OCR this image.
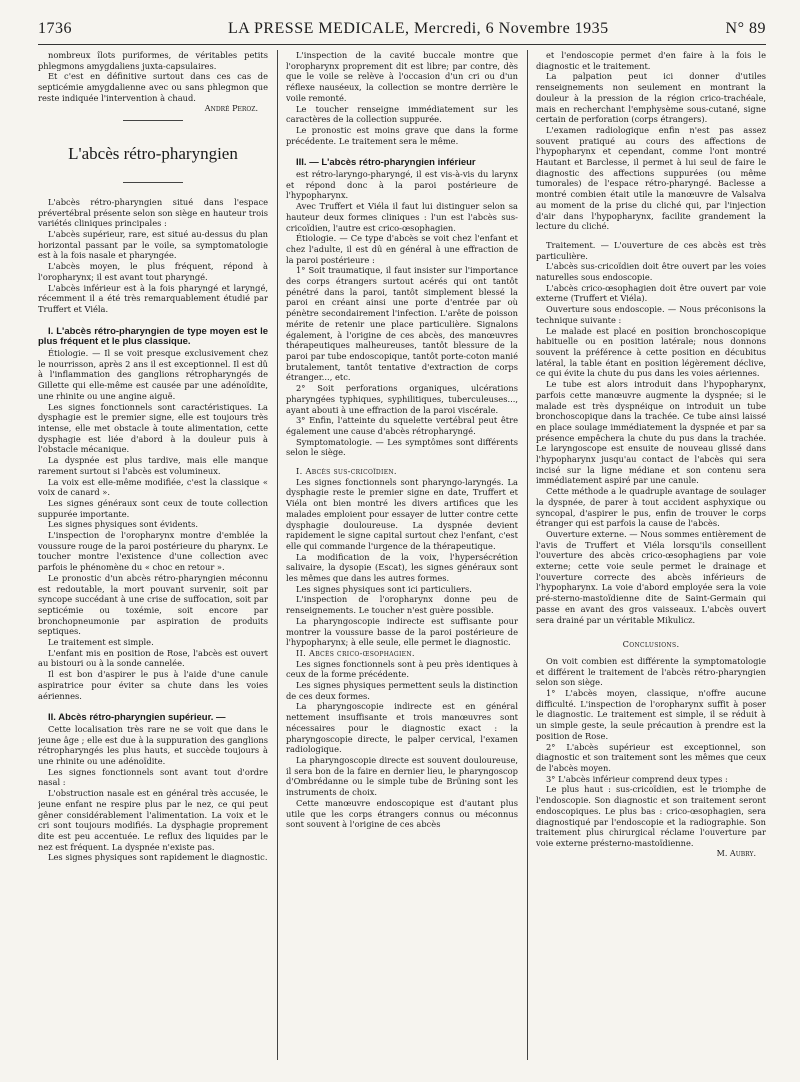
1736	LA PRESSE MEDICALE, Mercredi, 6 Novembre 1935	N° 89

nombreux îlots puriformes, de véritables petits phlegmons amygdaliens juxta-capsulaires.

Et c'est en définitive surtout dans ces cas de septicémie amygdalienne avec ou sans phlegmon que reste indiquée l'intervention à chaud.

André Peroz.

L'abcès rétro-pharyngien

L'abcès rétro-pharyngien situé dans l'espace prévertébral présente selon son siège en hauteur trois variétés cliniques principales :

L'abcès supérieur, rare, est situé au-dessus du plan horizontal passant par le voile, sa symptomatologie est à la fois nasale et pharyngée.

L'abcès moyen, le plus fréquent, répond à l'oropharynx; il est avant tout pharyngé.

L'abcès inférieur est à la fois pharyngé et laryngé, récemment il a été très remarquablement étudié par Truffert et Viéla.

I. L'abcès rétro-pharyngien de type moyen est le plus fréquent et le plus classique.

Étiologie. — Il se voit presque exclusivement chez le nourrisson, après 2 ans il est exceptionnel. Il est dû à l'inflammation des ganglions rétropharyngés de Gillette qui elle-même est causée par une adénoïdite, une rhinite ou une angine aiguë.

Les signes fonctionnels sont caractéristiques. La dysphagie est le premier signe, elle est toujours très intense, elle met obstacle à toute alimentation, cette dysphagie est liée d'abord à la douleur puis à l'obstacle mécanique.

La dyspnée est plus tardive, mais elle manque rarement surtout si l'abcès est volumineux.

La voix est elle-même modifiée, c'est la classique « voix de canard ».

Les signes généraux sont ceux de toute collection suppurée importante.

Les signes physiques sont évidents.

L'inspection de l'oropharynx montre d'emblée la voussure rouge de la paroi postérieure du pharynx. Le toucher montre l'existence d'une collection avec parfois le phénomène du « choc en retour ».

Le pronostic d'un abcès rétro-pharyngien méconnu est redoutable, la mort pouvant survenir, soit par syncope succédant à une crise de suffocation, soit par septicémie ou toxémie, soit encore par bronchopneumonie par aspiration de produits septiques.

Le traitement est simple.

L'enfant mis en position de Rose, l'abcès est ouvert au bistouri ou à la sonde cannelée.

Il est bon d'aspirer le pus à l'aide d'une canule aspiratrice pour éviter sa chute dans les voies aériennes.

II. Abcès rétro-pharyngien supérieur. —

Cette localisation très rare ne se voit que dans le jeune âge ; elle est due à la suppuration des ganglions rétropharyngés les plus hauts, et succède toujours à une rhinite ou une adénoïdite.

Les signes fonctionnels sont avant tout d'ordre nasal :

L'obstruction nasale est en général très accusée, le jeune enfant ne respire plus par le nez, ce qui peut gêner considérablement l'alimentation. La voix et le cri sont toujours modifiés. La dysphagie proprement dite est peu accentuée. Le reflux des liquides par le nez est fréquent. La dyspnée n'existe pas.

Les signes physiques sont rapidement le diagnostic.

L'inspection de la cavité buccale montre que l'oropharynx proprement dit est libre; par contre, dès que le voile se relève à l'occasion d'un cri ou d'un réflexe nauséeux, la collection se montre derrière le voile remonté.

Le toucher renseigne immédiatement sur les caractères de la collection suppurée.

Le pronostic est moins grave que dans la forme précédente. Le traitement sera le même.

III. — L'abcès rétro-pharyngien inférieur

est rétro-laryngo-pharyngé, il est vis-à-vis du larynx et répond donc à la paroi postérieure de l'hypopharynx.

Avec Truffert et Viéla il faut lui distinguer selon sa hauteur deux formes cliniques : l'un est l'abcès sus-cricoïdien, l'autre est crico-œsophagien.

Étiologie. — Ce type d'abcès se voit chez l'enfant et chez l'adulte, il est dû en général à une effraction de la paroi postérieure :

1° Soit traumatique, il faut insister sur l'importance des corps étrangers surtout acérés qui ont tantôt pénétré dans la paroi, tantôt simplement blessé la paroi en créant ainsi une porte d'entrée par où pénètre secondairement l'infection. L'arête de poisson mérite de retenir une place particulière. Signalons également, à l'origine de ces abcès, des manœuvres thérapeutiques malheureuses, tantôt blessure de la paroi par tube endoscopique, tantôt porte-coton manié brutalement, tantôt tentative d'extraction de corps étranger..., etc.

2° Soit perforations organiques, ulcérations pharyngées typhiques, syphilitiques, tuberculeuses..., ayant abouti à une effraction de la paroi viscérale.

3° Enfin, l'atteinte du squelette vertébral peut être également une cause d'abcès rétropharyngé.

Symptomatologie. — Les symptômes sont différents selon le siège.

I. Abcès sus-cricoïdien.

Les signes fonctionnels sont pharyngo-laryngés. La dysphagie reste le premier signe en date, Truffert et Viéla ont bien montré les divers artifices que les malades emploient pour essayer de lutter contre cette dysphagie douloureuse. La dyspnée devient rapidement le signe capital surtout chez l'enfant, c'est elle qui commande l'urgence de la thérapeutique.

La modification de la voix, l'hypersécrétion salivaire, la dysopie (Escat), les signes généraux sont les mêmes que dans les autres formes.

Les signes physiques sont ici particuliers.

L'inspection de l'oropharynx donne peu de renseignements. Le toucher n'est guère possible.

La pharyngoscopie indirecte est suffisante pour montrer la voussure basse de la paroi postérieure de l'hypopharynx; à elle seule, elle permet le diagnostic.

II. Abcès crico-œsophagien.

Les signes fonctionnels sont à peu près identiques à ceux de la forme précédente.

Les signes physiques permettent seuls la distinction de ces deux formes.

La pharyngoscopie indirecte est en général nettement insuffisante et trois manœuvres sont nécessaires pour le diagnostic exact : la pharyngoscopie directe, le palper cervical, l'examen radiologique.

La pharyngoscopie directe est souvent douloureuse, il sera bon de la faire en dernier lieu, le pharyngoscop d'Ombrédanne ou le simple tube de Brüning sont les instruments de choix.

Cette manœuvre endoscopique est d'autant plus utile que les corps étrangers connus ou méconnus sont souvent à l'origine de ces abcès

et l'endoscopie permet d'en faire à la fois le diagnostic et le traitement.

La palpation peut ici donner d'utiles renseignements non seulement en montrant la douleur à la pression de la région crico-trachéale, mais en recherchant l'emphysème sous-cutané, signe certain de perforation (corps étrangers).

L'examen radiologique enfin n'est pas assez souvent pratiqué au cours des affections de l'hypopharynx et cependant, comme l'ont montré Hautant et Barclesse, il permet à lui seul de faire le diagnostic des affections suppurées (ou même tumorales) de l'espace rétro-pharyngé. Baclesse a montré combien était utile la manœuvre de Valsalva au moment de la prise du cliché qui, par l'injection d'air dans l'hypopharynx, facilite grandement la lecture du cliché.

Traitement. — L'ouverture de ces abcès est très particulière.

L'abcès sus-cricoïdien doit être ouvert par les voies naturelles sous endoscopie.

L'abcès crico-œsophagien doit être ouvert par voie externe (Truffert et Viéla).

Ouverture sous endoscopie. — Nous préconisons la technique suivante :

Le malade est placé en position bronchoscopique habituelle ou en position latérale; nous donnons souvent la préférence à cette position en décubitus latéral, la table étant en position légèrement déclive, ce qui évite la chute du pus dans les voies aériennes.

Le tube est alors introduit dans l'hypopharynx, parfois cette manœuvre augmente la dyspnée; si le malade est très dyspnéique on introduit un tube bronchoscopique dans la trachée. Ce tube ainsi laissé en place soulage immédiatement la dyspnée et par sa présence empêchera la chute du pus dans la trachée. Le laryngoscope est ensuite de nouveau glissé dans l'hypopharynx jusqu'au contact de l'abcès qui sera incisé sur la ligne médiane et son contenu sera immédiatement aspiré par une canule.

Cette méthode a le quadruple avantage de soulager la dyspnée, de parer à tout accident asphyxique ou syncopal, d'aspirer le pus, enfin de trouver le corps étranger qui est parfois la cause de l'abcès.

Ouverture externe. — Nous sommes entièrement de l'avis de Truffert et Viéla lorsqu'ils conseillent l'ouverture des abcès crico-œsophagiens par voie externe; cette voie seule permet le drainage et l'ouverture correcte des abcès inférieurs de l'hypopharynx. La voie d'abord employée sera la voie pré-sterno-mastoïdienne dite de Saint-Germain qui passe en avant des gros vaisseaux. L'abcès ouvert sera drainé par un véritable Mikulicz.

Conclusions.

On voit combien est différente la symptomatologie et différent le traitement de l'abcès rétro-pharyngien selon son siège.

1° L'abcès moyen, classique, n'offre aucune difficulté. L'inspection de l'oropharynx suffit à poser le diagnostic. Le traitement est simple, il se réduit à un simple geste, la seule précaution à prendre est la position de Rose.

2° L'abcès supérieur est exceptionnel, son diagnostic et son traitement sont les mêmes que ceux de l'abcès moyen.

3° L'abcès inférieur comprend deux types :

Le plus haut : sus-cricoïdien, est le triomphe de l'endoscopie. Son diagnostic et son traitement seront endoscopiques. Le plus bas : crico-œsophagien, sera diagnostiqué par l'endoscopie et la radiographie. Son traitement plus chirurgical réclame l'ouverture par voie externe présterno-mastoïdienne.

M. Aubry.
